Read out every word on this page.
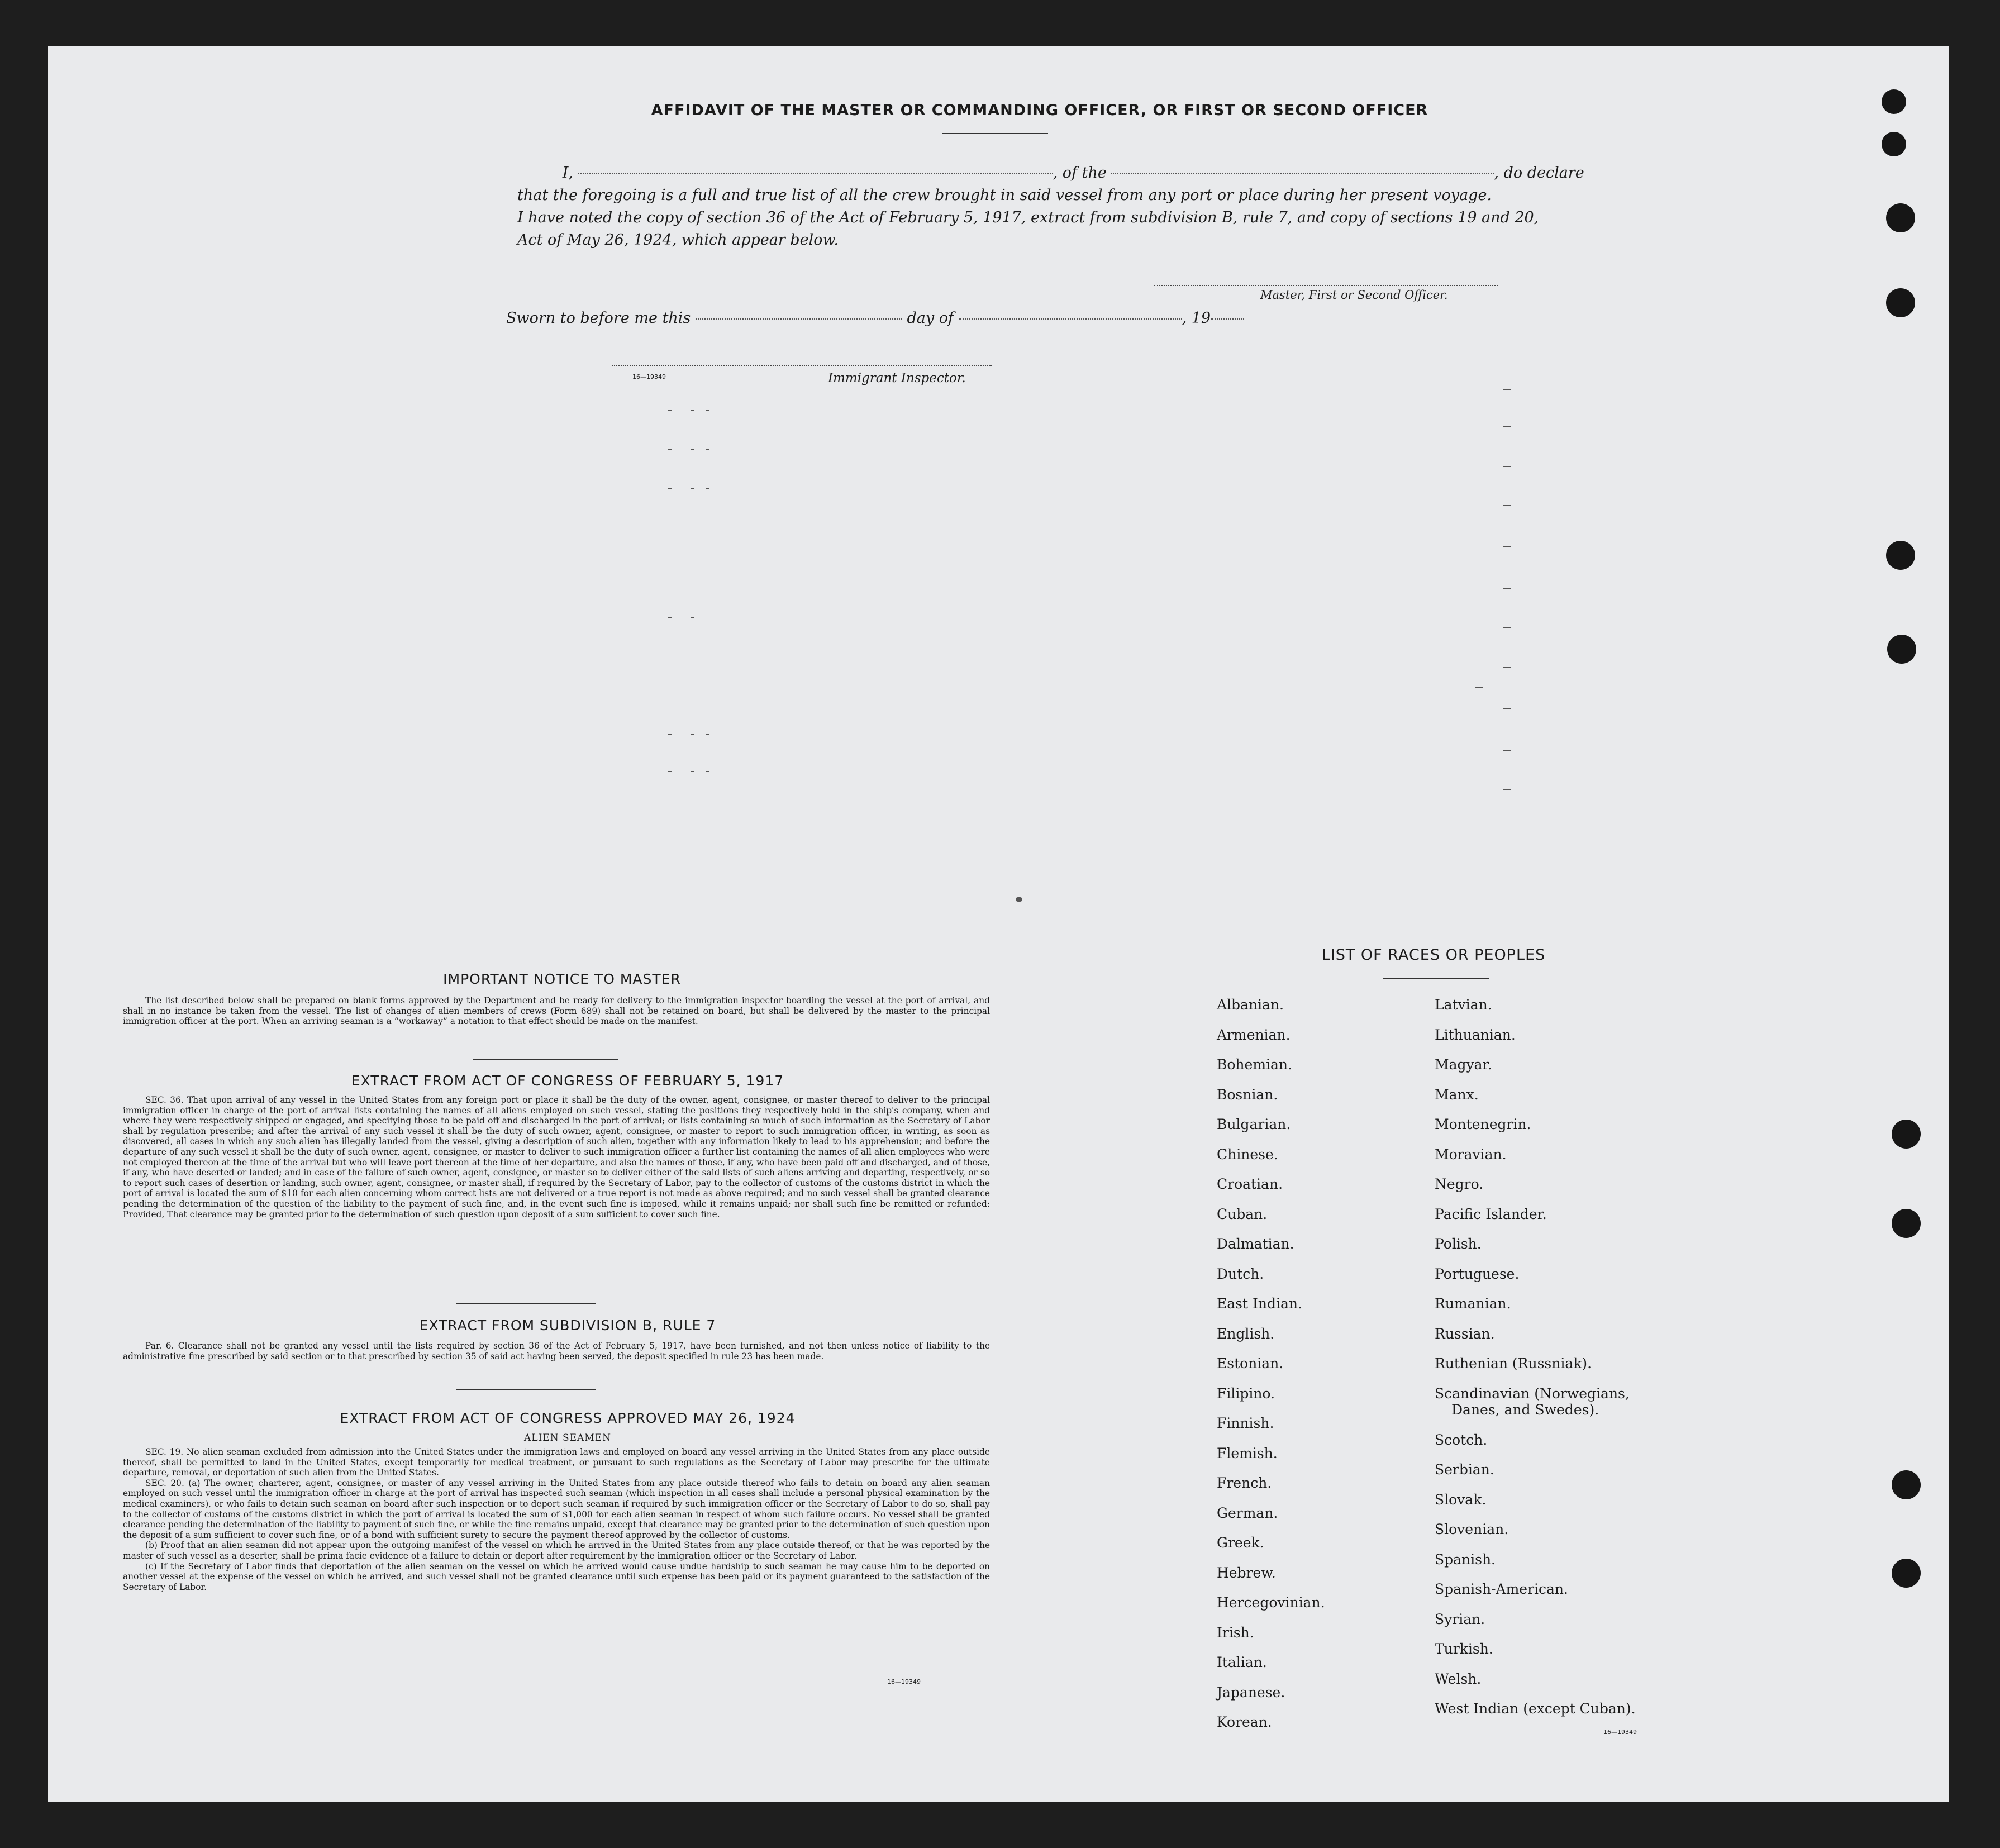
AFFIDAVIT OF THE MASTER OR COMMANDING OFFICER, OR FIRST OR SECOND OFFICER
I,	, of the	, do declare
that the foregoing is a full and true list of all the crew brought in said vessel from any port or place during her present voyage.
I have noted the copy of section 36 of the Act of February 5, 1917, extract from subdivision B, rule 7, and copy of sections 19 and 20,
Act of May 26, 1924, which appear below.
Master, First or Second Officer.
Sworn to before me this	day of	, 19
16—19349	Immigrant Inspector.
IMPORTANT NOTICE TO MASTER

The list described below shall be prepared on blank forms approved by the Department and be ready for delivery to the immigration inspector boarding the vessel at the port of arrival, and shall in no instance be taken from the vessel. The list of changes of alien members of crews (Form 689) shall not be retained on board, but shall be delivered by the master to the principal immigration officer at the port. When an arriving seaman is a “workaway” a notation to that effect should be made on the manifest.

EXTRACT FROM ACT OF CONGRESS OF FEBRUARY 5, 1917

SEC. 36. That upon arrival of any vessel in the United States from any foreign port or place it shall be the duty of the owner, agent, consignee, or master thereof to deliver to the principal immigration officer in charge of the port of arrival lists containing the names of all aliens employed on such vessel, stating the positions they respectively hold in the ship's company, when and where they were respectively shipped or engaged, and specifying those to be paid off and discharged in the port of arrival; or lists containing so much of such information as the Secretary of Labor shall by regulation prescribe; and after the arrival of any such vessel it shall be the duty of such owner, agent, consignee, or master to report to such immigration officer, in writing, as soon as discovered, all cases in which any such alien has illegally landed from the vessel, giving a description of such alien, together with any information likely to lead to his apprehension; and before the departure of any such vessel it shall be the duty of such owner, agent, consignee, or master to deliver to such immigration officer a further list containing the names of all alien employees who were not employed thereon at the time of the arrival but who will leave port thereon at the time of her departure, and also the names of those, if any, who have been paid off and discharged, and of those, if any, who have deserted or landed; and in case of the failure of such owner, agent, consignee, or master so to deliver either of the said lists of such aliens arriving and departing, respectively, or so to report such cases of desertion or landing, such owner, agent, consignee, or master shall, if required by the Secretary of Labor, pay to the collector of customs of the customs district in which the port of arrival is located the sum of $10 for each alien concerning whom correct lists are not delivered or a true report is not made as above required; and no such vessel shall be granted clearance pending the determination of the question of the liability to the payment of such fine, and, in the event such fine is imposed, while it remains unpaid; nor shall such fine be remitted or refunded: Provided, That clearance may be granted prior to the determination of such question upon deposit of a sum sufficient to cover such fine.

EXTRACT FROM SUBDIVISION B, RULE 7

Par. 6. Clearance shall not be granted any vessel until the lists required by section 36 of the Act of February 5, 1917, have been furnished, and not then unless notice of liability to the administrative fine prescribed by said section or to that prescribed by section 35 of said act having been served, the deposit specified in rule 23 has been made.

EXTRACT FROM ACT OF CONGRESS APPROVED MAY 26, 1924
ALIEN SEAMEN

SEC. 19. No alien seaman excluded from admission into the United States under the immigration laws and employed on board any vessel arriving in the United States from any place outside thereof, shall be permitted to land in the United States, except temporarily for medical treatment, or pursuant to such regulations as the Secretary of Labor may prescribe for the ultimate departure, removal, or deportation of such alien from the United States.

SEC. 20. (a) The owner, charterer, agent, consignee, or master of any vessel arriving in the United States from any place outside thereof who fails to detain on board any alien seaman employed on such vessel until the immigration officer in charge at the port of arrival has inspected such seaman (which inspection in all cases shall include a personal physical examination by the medical examiners), or who fails to detain such seaman on board after such inspection or to deport such seaman if required by such immigration officer or the Secretary of Labor to do so, shall pay to the collector of customs of the customs district in which the port of arrival is located the sum of $1,000 for each alien seaman in respect of whom such failure occurs. No vessel shall be granted clearance pending the determination of the liability to payment of such fine, or while the fine remains unpaid, except that clearance may be granted prior to the determination of such question upon the deposit of a sum sufficient to cover such fine, or of a bond with sufficient surety to secure the payment thereof approved by the collector of customs.

(b) Proof that an alien seaman did not appear upon the outgoing manifest of the vessel on which he arrived in the United States from any place outside thereof, or that he was reported by the master of such vessel as a deserter, shall be prima facie evidence of a failure to detain or deport after requirement by the immigration officer or the Secretary of Labor.

(c) If the Secretary of Labor finds that deportation of the alien seaman on the vessel on which he arrived would cause undue hardship to such seaman he may cause him to be deported on another vessel at the expense of the vessel on which he arrived, and such vessel shall not be granted clearance until such expense has been paid or its payment guaranteed to the satisfaction of the Secretary of Labor.

16—19349
LIST OF RACES OR PEOPLES
Albanian.
Armenian.
Bohemian.
Bosnian.
Bulgarian.
Chinese.
Croatian.
Cuban.
Dalmatian.
Dutch.
East Indian.
English.
Estonian.
Filipino.
Finnish.
Flemish.
French.
German.
Greek.
Hebrew.
Hercegovinian.
Irish.
Italian.
Japanese.
Korean.
Latvian.
Lithuanian.
Magyar.
Manx.
Montenegrin.
Moravian.
Negro.
Pacific Islander.
Polish.
Portuguese.
Rumanian.
Russian.
Ruthenian (Russniak).
Scandinavian (Norwegians,
Danes, and Swedes).
Scotch.
Serbian.
Slovak.
Slovenian.
Spanish.
Spanish-American.
Syrian.
Turkish.
Welsh.
West Indian (except Cuban).
16—19349
